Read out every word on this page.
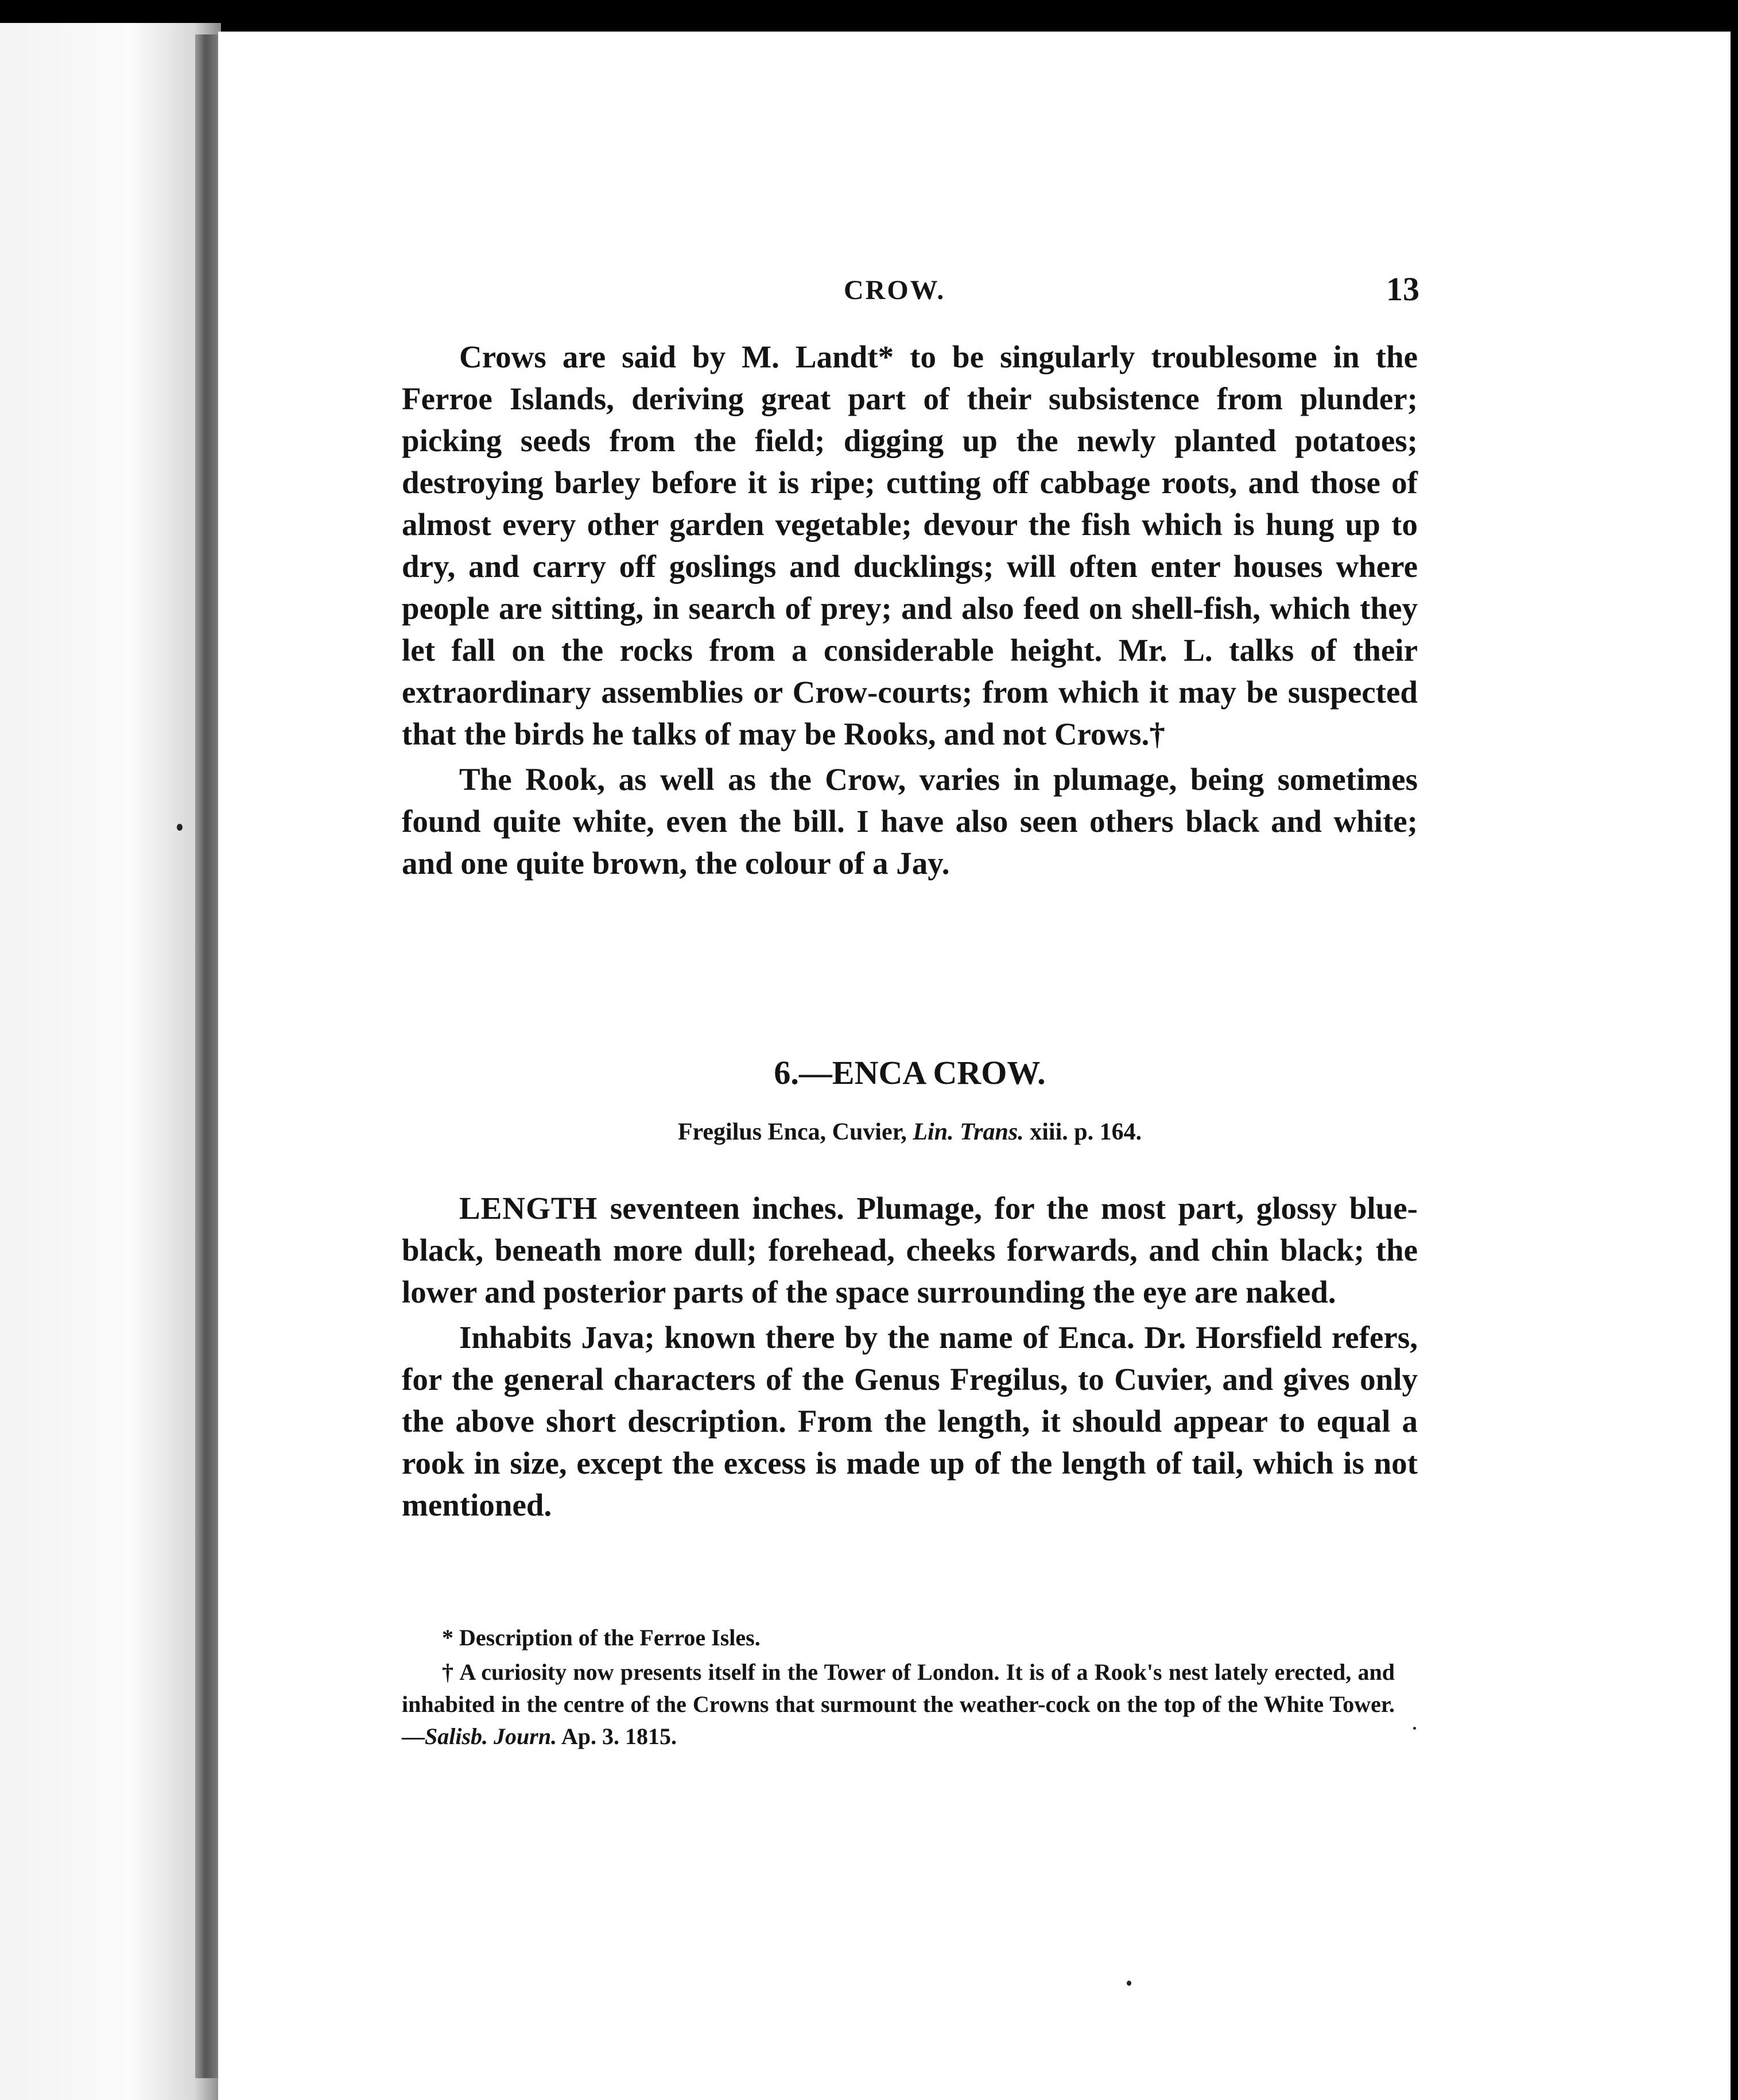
CROW.	13

Crows are said by M. Landt* to be singularly troublesome in the Ferroe Islands, deriving great part of their subsistence from plunder; picking seeds from the field; digging up the newly planted potatoes; destroying barley before it is ripe; cutting off cabbage roots, and those of almost every other garden vegetable; devour the fish which is hung up to dry, and carry off goslings and ducklings; will often enter houses where people are sitting, in search of prey; and also feed on shell-fish, which they let fall on the rocks from a considerable height. Mr. L. talks of their extraordinary assemblies or Crow-courts; from which it may be suspected that the birds he talks of may be Rooks, and not Crows.†

The Rook, as well as the Crow, varies in plumage, being sometimes found quite white, even the bill. I have also seen others black and white; and one quite brown, the colour of a Jay.

6.—ENCA CROW.
Fregilus Enca, Cuvier, Lin. Trans. xiii. p. 164.

LENGTH seventeen inches. Plumage, for the most part, glossy blue-black, beneath more dull; forehead, cheeks forwards, and chin black; the lower and posterior parts of the space surrounding the eye are naked.

Inhabits Java; known there by the name of Enca. Dr. Horsfield refers, for the general characters of the Genus Fregilus, to Cuvier, and gives only the above short description. From the length, it should appear to equal a rook in size, except the excess is made up of the length of tail, which is not mentioned.

* Description of the Ferroe Isles.

† A curiosity now presents itself in the Tower of London. It is of a Rook's nest lately erected, and inhabited in the centre of the Crowns that surmount the weather-cock on the top of the White Tower.—Salisb. Journ. Ap. 3. 1815.
